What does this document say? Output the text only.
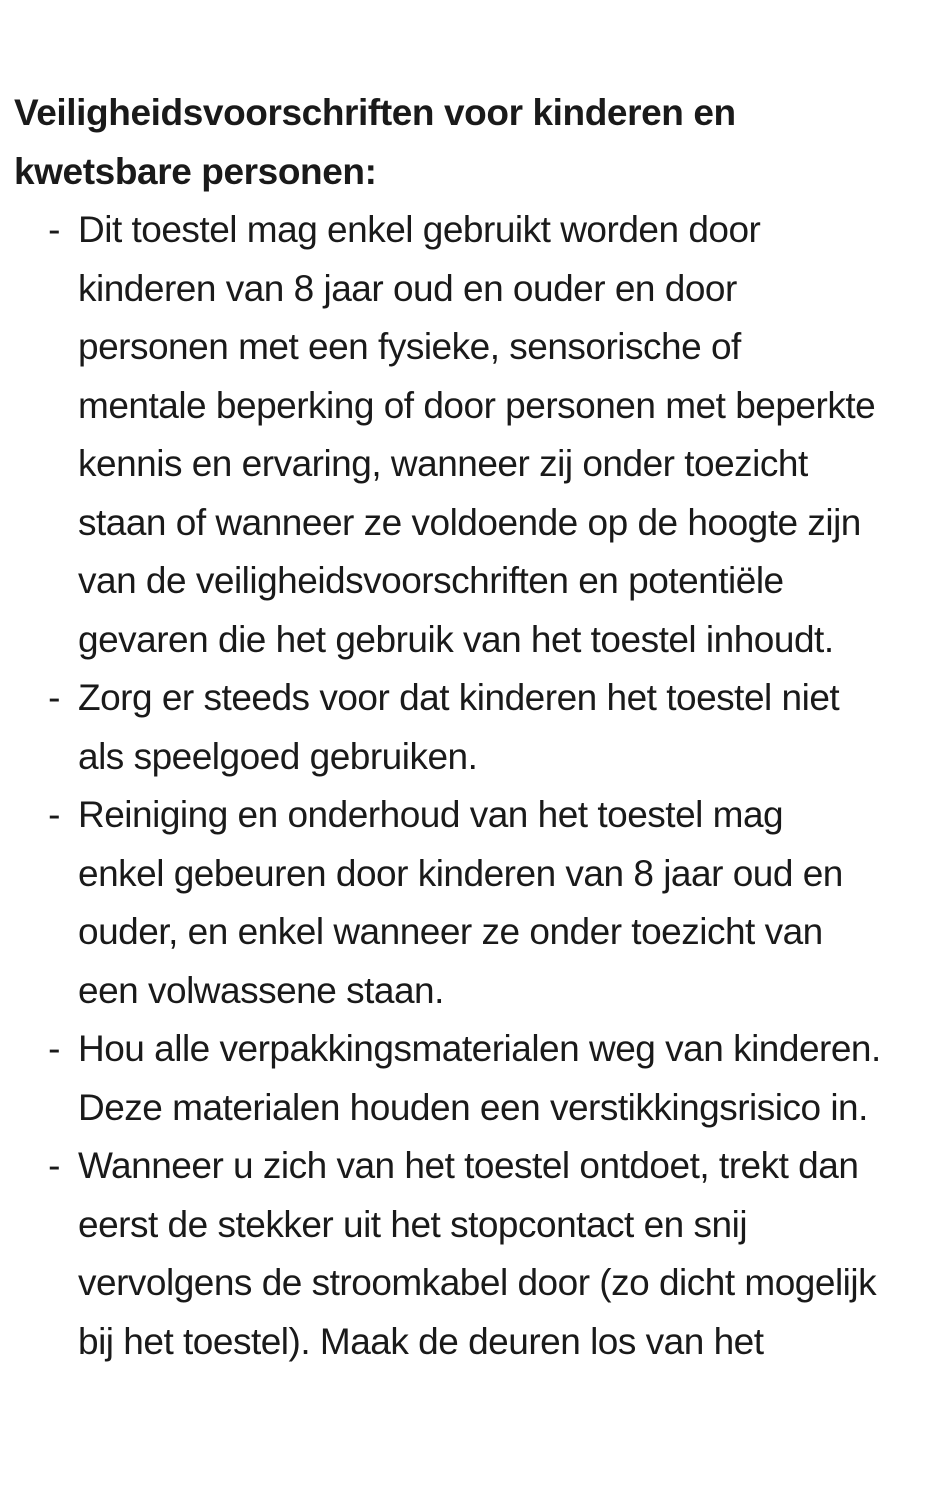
Veiligheidsvoorschriften voor kinderen en
kwetsbare personen:
- Dit toestel mag enkel gebruikt worden door
kinderen van 8 jaar oud en ouder en door
personen met een fysieke, sensorische of
mentale beperking of door personen met beperkte
kennis en ervaring, wanneer zij onder toezicht
staan of wanneer ze voldoende op de hoogte zijn
van de veiligheidsvoorschriften en potentiële
gevaren die het gebruik van het toestel inhoudt.
- Zorg er steeds voor dat kinderen het toestel niet
als speelgoed gebruiken.
- Reiniging en onderhoud van het toestel mag
enkel gebeuren door kinderen van 8 jaar oud en
ouder, en enkel wanneer ze onder toezicht van
een volwassene staan.
- Hou alle verpakkingsmaterialen weg van kinderen.
Deze materialen houden een verstikkingsrisico in.
- Wanneer u zich van het toestel ontdoet, trekt dan
eerst de stekker uit het stopcontact en snij
vervolgens de stroomkabel door (zo dicht mogelijk
bij het toestel). Maak de deuren los van het
